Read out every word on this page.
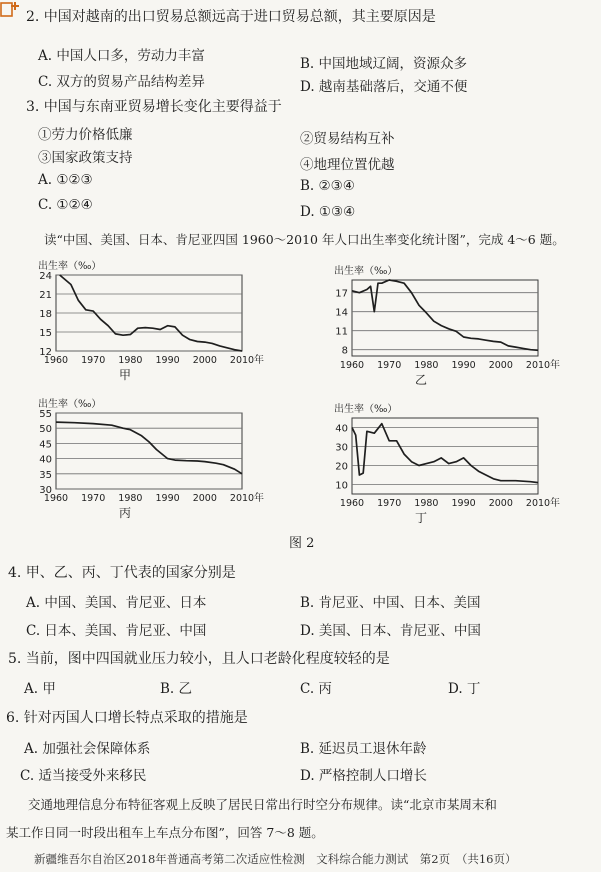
2. 中国对越南的出口贸易总额远高于进口贸易总额，其主要原因是
A. 中国人口多，劳动力丰富	B. 中国地域辽阔，资源众多
C. 双方的贸易产品结构差异	D. 越南基础落后，交通不便
3. 中国与东南亚贸易增长变化主要得益于
①劳力价格低廉	②贸易结构互补
③国家政策支持	④地理位置优越
A. ①②③	B. ②③④
C. ①②④	D. ①③④
读“中国、美国、日本、肯尼亚四国 1960～2010 年人口出生率变化统计图”，完成 4～6 题。
12
15
18
21
24
1960 1970 1980 1990 2000 2010 年
出生率（‰）
甲
8
11
14
17
1960 1970 1980 1990 2000 2010 年
出生率（‰）
乙
30
35
40
45
50
55
1960 1970 1980 1990 2000 2010 年
出生率（‰）
丙
10
20
30
40
1960 1970 1980 1990 2000 2010 年
出生率（‰）
丁
图 2
4. 甲、乙、丙、丁代表的国家分别是
A. 中国、美国、肯尼亚、日本	B. 肯尼亚、中国、日本、美国
C. 日本、美国、肯尼亚、中国	D. 美国、日本、肯尼亚、中国
5. 当前，图中四国就业压力较小，且人口老龄化程度较轻的是
A. 甲	B. 乙	C. 丙	D. 丁
6. 针对丙国人口增长特点采取的措施是
A. 加强社会保障体系	B. 延迟员工退休年龄
C. 适当接受外来移民	D. 严格控制人口增长
交通地理信息分布特征客观上反映了居民日常出行时空分布规律。读“北京市某周末和
某工作日同一时段出租车上车点分布图”，回答 7～8 题。
新疆维吾尔自治区2018年普通高考第二次适应性检测　文科综合能力测试　第2页　（共16页）
